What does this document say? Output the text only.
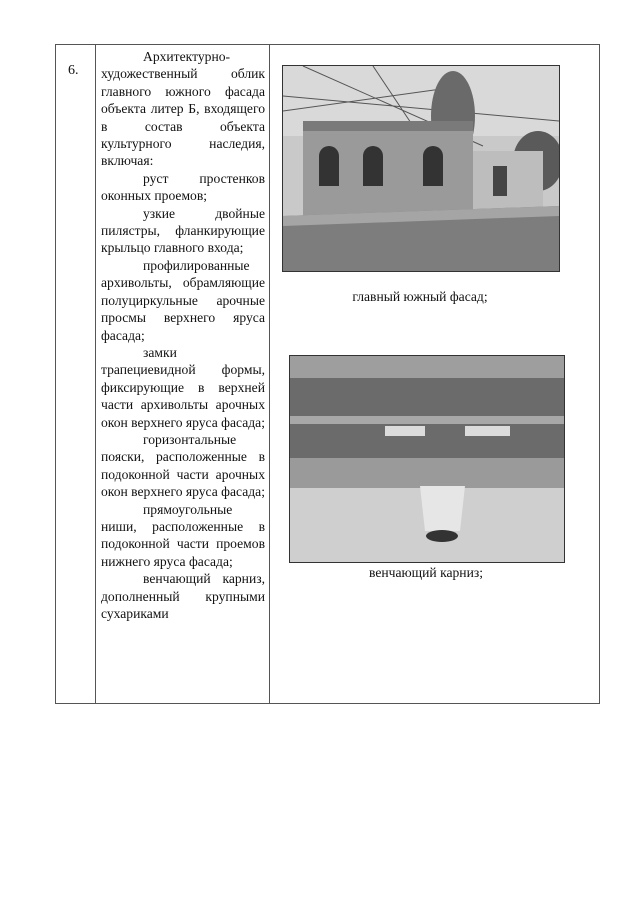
6.

Архитектурно-художественный облик главного южного фасада объекта литер Б, входящего в состав объекта культурного наследия, включая:

руст простенков оконных проемов;

узкие двойные пилястры, фланкирующие крыльцо главного входа;

профилированные архивольты, обрамляющие полуциркульные арочные просмы верхнего яруса фасада;

замки трапециевидной формы, фиксирующие в верхней части архивольты арочных окон верхнего яруса фасада;

горизонтальные пояски, расположенные в подоконной части арочных окон верхнего яруса фасада;

прямоугольные ниши, расположенные в подоконной части проемов нижнего яруса фасада;

венчающий карниз, дополненный крупными сухариками

главный южный фасад;
венчающий карниз;
